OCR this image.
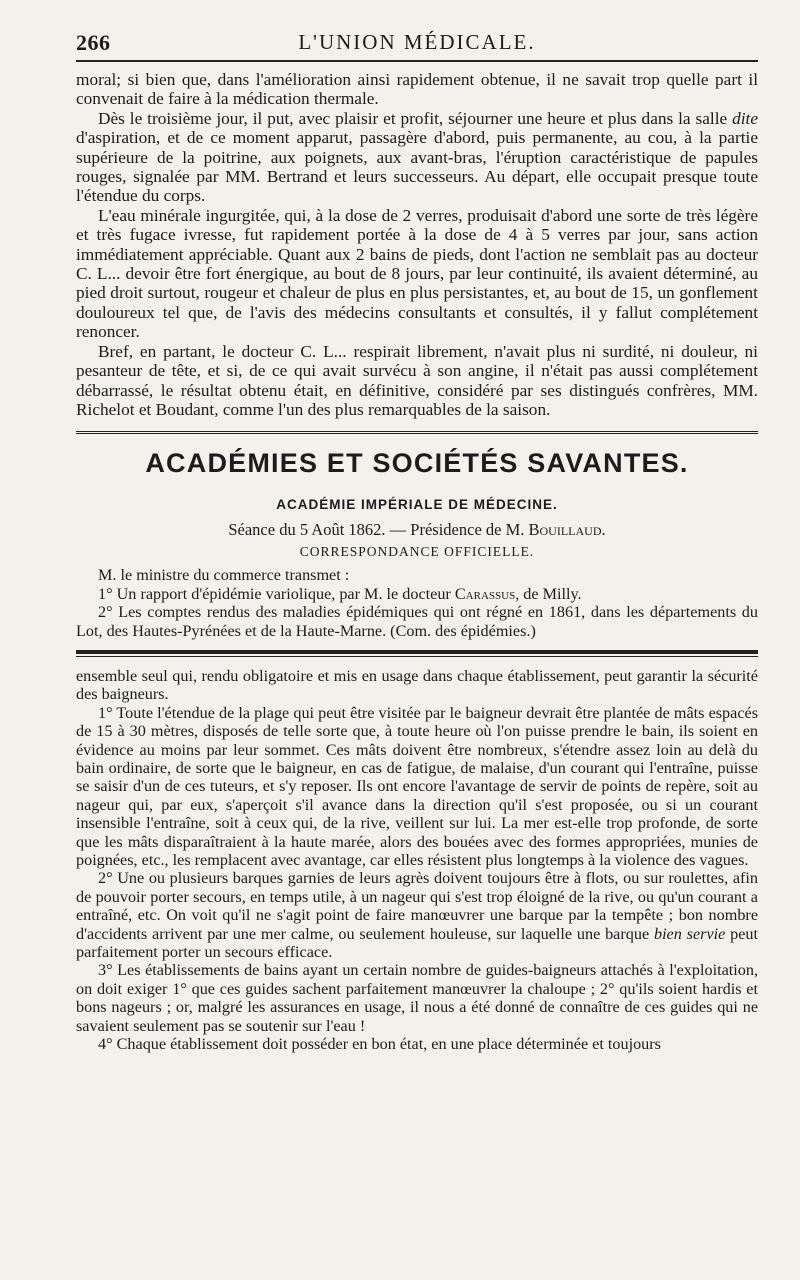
266	L'UNION MÉDICALE.

moral; si bien que, dans l'amélioration ainsi rapidement obtenue, il ne savait trop quelle part il convenait de faire à la médication thermale.

Dès le troisième jour, il put, avec plaisir et profit, séjourner une heure et plus dans la salle dite d'aspiration, et de ce moment apparut, passagère d'abord, puis permanente, au cou, à la partie supérieure de la poitrine, aux poignets, aux avant-bras, l'éruption caractéristique de papules rouges, signalée par MM. Bertrand et leurs successeurs. Au départ, elle occupait presque toute l'étendue du corps.

L'eau minérale ingurgitée, qui, à la dose de 2 verres, produisait d'abord une sorte de très légère et très fugace ivresse, fut rapidement portée à la dose de 4 à 5 verres par jour, sans action immédiatement appréciable. Quant aux 2 bains de pieds, dont l'action ne semblait pas au docteur C. L... devoir être fort énergique, au bout de 8 jours, par leur continuité, ils avaient déterminé, au pied droit surtout, rougeur et chaleur de plus en plus persistantes, et, au bout de 15, un gonflement douloureux tel que, de l'avis des médecins consultants et consultés, il y fallut complétement renoncer.

Bref, en partant, le docteur C. L... respirait librement, n'avait plus ni surdité, ni douleur, ni pesanteur de tête, et si, de ce qui avait survécu à son angine, il n'était pas aussi complétement débarrassé, le résultat obtenu était, en définitive, considéré par ses distingués confrères, MM. Richelot et Boudant, comme l'un des plus remarquables de la saison.

ACADÉMIES ET SOCIÉTÉS SAVANTES.
ACADÉMIE IMPÉRIALE DE MÉDECINE.
Séance du 5 Août 1862. — Présidence de M. Bouillaud.
CORRESPONDANCE OFFICIELLE.

M. le ministre du commerce transmet :

1° Un rapport d'épidémie variolique, par M. le docteur Carassus, de Milly.

2° Les comptes rendus des maladies épidémiques qui ont régné en 1861, dans les départements du Lot, des Hautes-Pyrénées et de la Haute-Marne. (Com. des épidémies.)

ensemble seul qui, rendu obligatoire et mis en usage dans chaque établissement, peut garantir la sécurité des baigneurs.

1° Toute l'étendue de la plage qui peut être visitée par le baigneur devrait être plantée de mâts espacés de 15 à 30 mètres, disposés de telle sorte que, à toute heure où l'on puisse prendre le bain, ils soient en évidence au moins par leur sommet. Ces mâts doivent être nombreux, s'étendre assez loin au delà du bain ordinaire, de sorte que le baigneur, en cas de fatigue, de malaise, d'un courant qui l'entraîne, puisse se saisir d'un de ces tuteurs, et s'y reposer. Ils ont encore l'avantage de servir de points de repère, soit au nageur qui, par eux, s'aperçoit s'il avance dans la direction qu'il s'est proposée, ou si un courant insensible l'entraîne, soit à ceux qui, de la rive, veillent sur lui. La mer est-elle trop profonde, de sorte que les mâts disparaîtraient à la haute marée, alors des bouées avec des formes appropriées, munies de poignées, etc., les remplacent avec avantage, car elles résistent plus longtemps à la violence des vagues.

2° Une ou plusieurs barques garnies de leurs agrès doivent toujours être à flots, ou sur roulettes, afin de pouvoir porter secours, en temps utile, à un nageur qui s'est trop éloigné de la rive, ou qu'un courant a entraîné, etc. On voit qu'il ne s'agit point de faire manœuvrer une barque par la tempête ; bon nombre d'accidents arrivent par une mer calme, ou seulement houleuse, sur laquelle une barque bien servie peut parfaitement porter un secours efficace.

3° Les établissements de bains ayant un certain nombre de guides-baigneurs attachés à l'exploitation, on doit exiger 1° que ces guides sachent parfaitement manœuvrer la chaloupe ; 2° qu'ils soient hardis et bons nageurs ; or, malgré les assurances en usage, il nous a été donné de connaître de ces guides qui ne savaient seulement pas se soutenir sur l'eau !

4° Chaque établissement doit posséder en bon état, en une place déterminée et toujours
